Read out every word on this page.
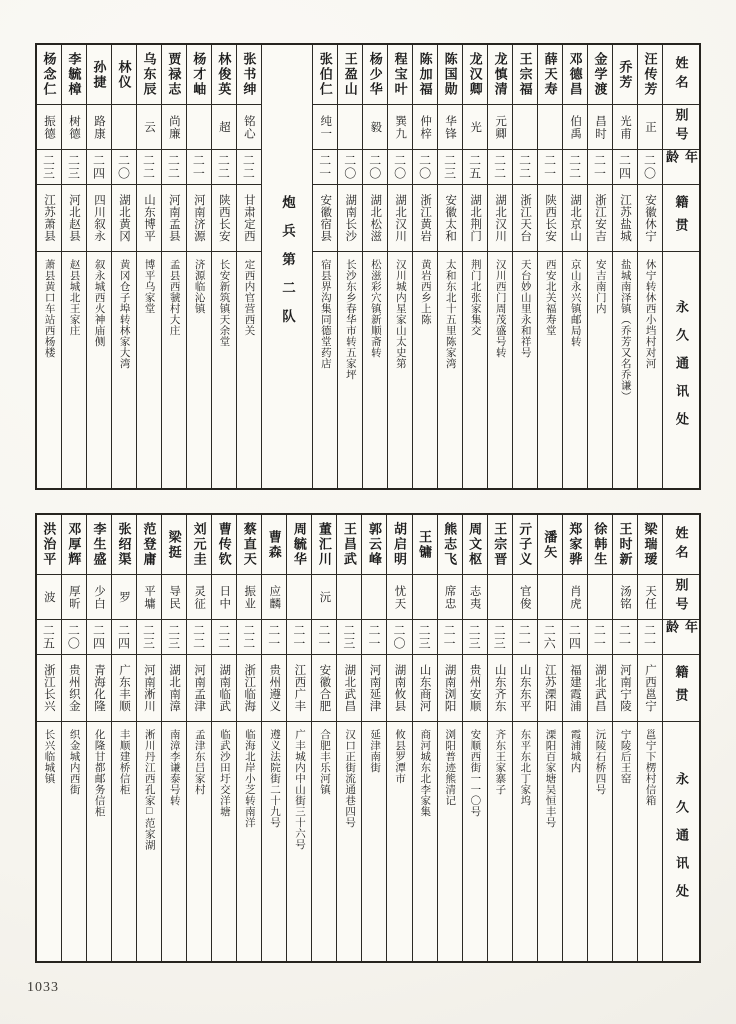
姓名
别号
年龄
籍贯
永久通讯处
汪传芳
正
二〇
安徽休宁
休宁转休西小垱村对河
乔芳
光甫
二四
江苏盐城
盐城南泽镇（乔芳又名乔谦）
金学渡
昌时
二一
浙江安吉
安吉南门内
邓德昌
伯禹
二二
湖北京山
京山永兴镇邮局转
薛天寿
二一
陕西长安
西安北关福寿堂
王宗福
二二
浙江天台
天台妙山里永和祥号
龙慎清
元卿
二二
湖北汉川
汉川西门周茂盛号转
龙汉卿
光
二五
湖北荆门
荆门北张家集交
陈国勋
华锋
二三
安徽太和
太和东北十五里陈家湾
陈加福
仲梓
二〇
浙江黄岩
黄岩西乡上陈
程宝叶
巽九
二〇
湖北汉川
汉川城内星家山太史第
杨少华
毅
二〇
湖北松滋
松滋彩穴镇新顺斋转
王盈山
二〇
湖南长沙
长沙东乡春华市转五家坪
张伯仁
纯一
二一
安徽宿县
宿县界沟集同德堂药店
炮兵第二队
张书绅
铭心
二二
甘肃定西
定西内官营西关
林俊英
超
二二
陕西长安
长安新筑镇天余堂
杨才岫
二一
河南济源
济源临沁镇
贾禄志
尚廉
二二
河南孟县
孟县西虢村大庄
乌东辰
云
二二
山东博平
博平乌家堂
林仪
二〇
湖北黄冈
黄冈仓子埠转林家大湾
孙捷
路康
二四
四川叙永
叙永城西火神庙侧
李毓樟
树德
二三
河北赵县
赵县城北王家庄
杨念仁
振德
二三
江苏萧县
萧县黄口车站西杨楼
姓名
别号
年龄
籍贯
永久通讯处
梁瑞瑷
天任
二一
广西邕宁
邕宁下楞村信箱
王时新
汤铭
二一
河南宁陵
宁陵后王窑
徐韩生
二一
湖北武昌
沅陵石桥四号
郑家骅
肖虎
二四
福建霞浦
霞浦城内
潘矢
二六
江苏溧阳
溧阳百家塘吴恒丰号
亓子义
官俊
二一
山东东平
东平东北丁家坞
王宗晋
二三
山东齐东
齐东王家寨子
周文枢
志夷
二三
贵州安顺
安顺西街一一〇号
熊志飞
席忠
二一
湖南浏阳
浏阳普迹熊清记
王镛
二三
山东商河
商河城东北李家集
胡启明
忧天
二〇
湖南攸县
攸县罗潭市
郭云峰
二一
河南延津
延津南街
王昌武
二三
湖北武昌
汉口正街流通巷四号
董汇川
沅
二一
安徽合肥
合肥丰乐河镇
周毓华
二一
江西广丰
广丰城内中山街三十六号
曹森
应麟
二一
贵州遵义
遵义法院街二十九号
蔡直天
振业
二二
浙江临海
临海北岸小芝转南洋
曹传钦
日中
二二
湖南临武
临武沙田圩交洋塘
刘元圭
灵征
二二
河南孟津
孟津东吕家村
梁挺
导民
二三
湖北南漳
南漳李谦泰号转
范登庸
平墉
二三
河南淅川
淅川丹江西孔家□范家湖
张绍渠
罗
二四
广东丰顺
丰顺建桥信柜
李生盛
少白
二四
青海化隆
化隆甘都邮务信柜
邓厚辉
厚昕
二〇
贵州织金
织金城内西街
洪治平
波
二五
浙江长兴
长兴临城镇
1033
